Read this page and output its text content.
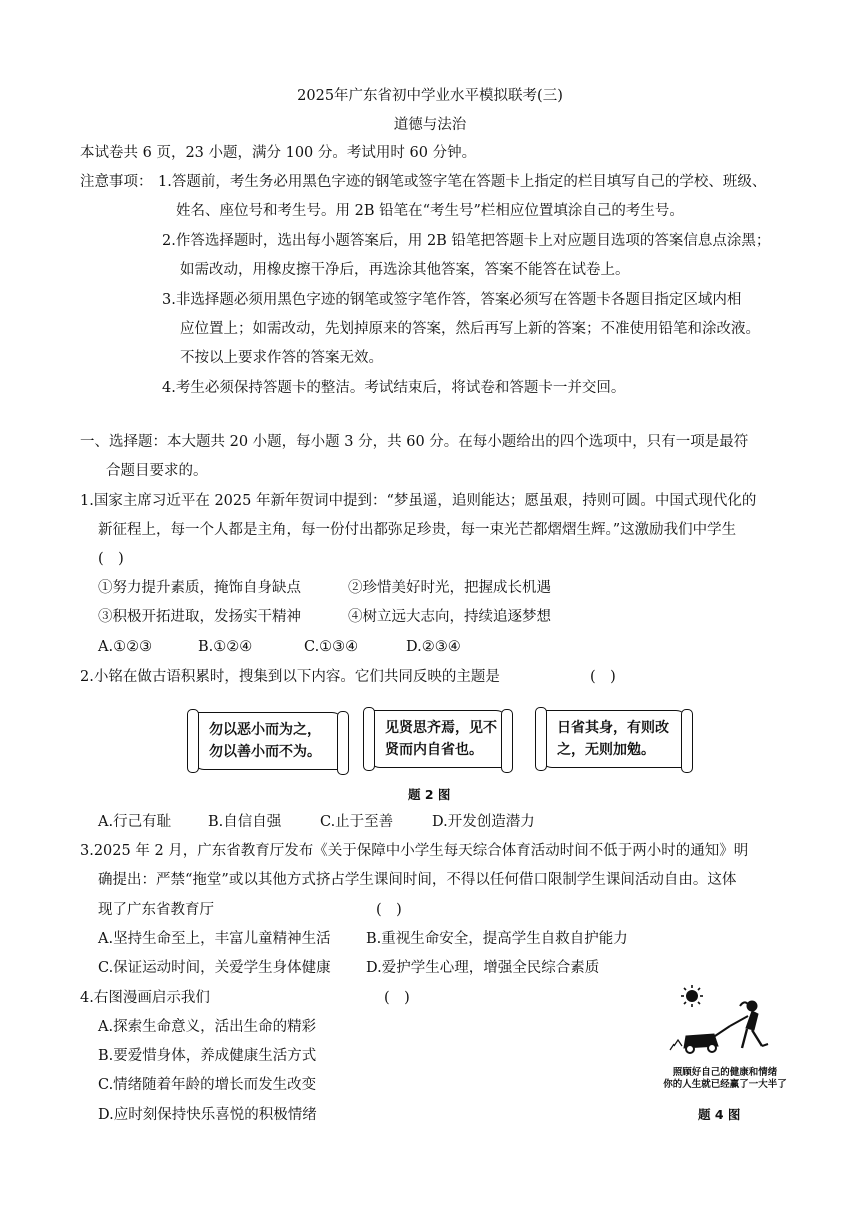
2025年广东省初中学业水平模拟联考(三)
道德与法治
本试卷共 6 页，23 小题，满分 100 分。考试用时 60 分钟。
注意事项： 1.答题前，考生务必用黑色字迹的钢笔或签字笔在答题卡上指定的栏目填写自己的学校、班级、
姓名、座位号和考生号。用 2B 铅笔在“考生号”栏相应位置填涂自己的考生号。
2.作答选择题时，选出每小题答案后，用 2B 铅笔把答题卡上对应题目选项的答案信息点涂黑；
如需改动，用橡皮擦干净后，再选涂其他答案，答案不能答在试卷上。
3.非选择题必须用黑色字迹的钢笔或签字笔作答，答案必须写在答题卡各题目指定区域内相
应位置上；如需改动，先划掉原来的答案，然后再写上新的答案；不准使用铅笔和涂改液。
不按以上要求作答的答案无效。
4.考生必须保持答题卡的整洁。考试结束后，将试卷和答题卡一并交回。
一、选择题：本大题共 20 小题，每小题 3 分，共 60 分。在每小题给出的四个选项中，只有一项是最符
合题目要求的。
1.国家主席习近平在 2025 年新年贺词中提到：“梦虽遥，追则能达；愿虽艰，持则可圆。中国式现代化的
新征程上，每一个人都是主角，每一份付出都弥足珍贵，每一束光芒都熠熠生辉。”这激励我们中学生
(　)
①努力提升素质，掩饰自身缺点	②珍惜美好时光，把握成长机遇
③积极开拓进取，发扬实干精神	④树立远大志向，持续追逐梦想
A.①②③	B.①②④	C.①③④	D.②③④
2.小铭在做古语积累时，搜集到以下内容。它们共同反映的主题是	(　)
勿以恶小而为之，
勿以善小而不为。
见贤思齐焉，见不
贤而内自省也。
日省其身，有则改
之，无则加勉。
题 2 图
A.行己有耻	B.自信自强	C.止于至善	D.开发创造潜力
3.2025 年 2 月，广东省教育厅发布《关于保障中小学生每天综合体育活动时间不低于两小时的通知》明
确提出：严禁“拖堂”或以其他方式挤占学生课间时间，不得以任何借口限制学生课间活动自由。这体
现了广东省教育厅	(　)
A.坚持生命至上，丰富儿童精神生活 B.重视生命安全，提高学生自救自护能力
C.保证运动时间，关爱学生身体健康 D.爱护学生心理，增强全民综合素质
4.右图漫画启示我们	(　)
A.探索生命意义，活出生命的精彩
B.要爱惜身体，养成健康生活方式
C.情绪随着年龄的增长而发生改变
D.应时刻保持快乐喜悦的积极情绪
照顾好自己的健康和情绪
你的人生就已经赢了一大半了
题 4 图
